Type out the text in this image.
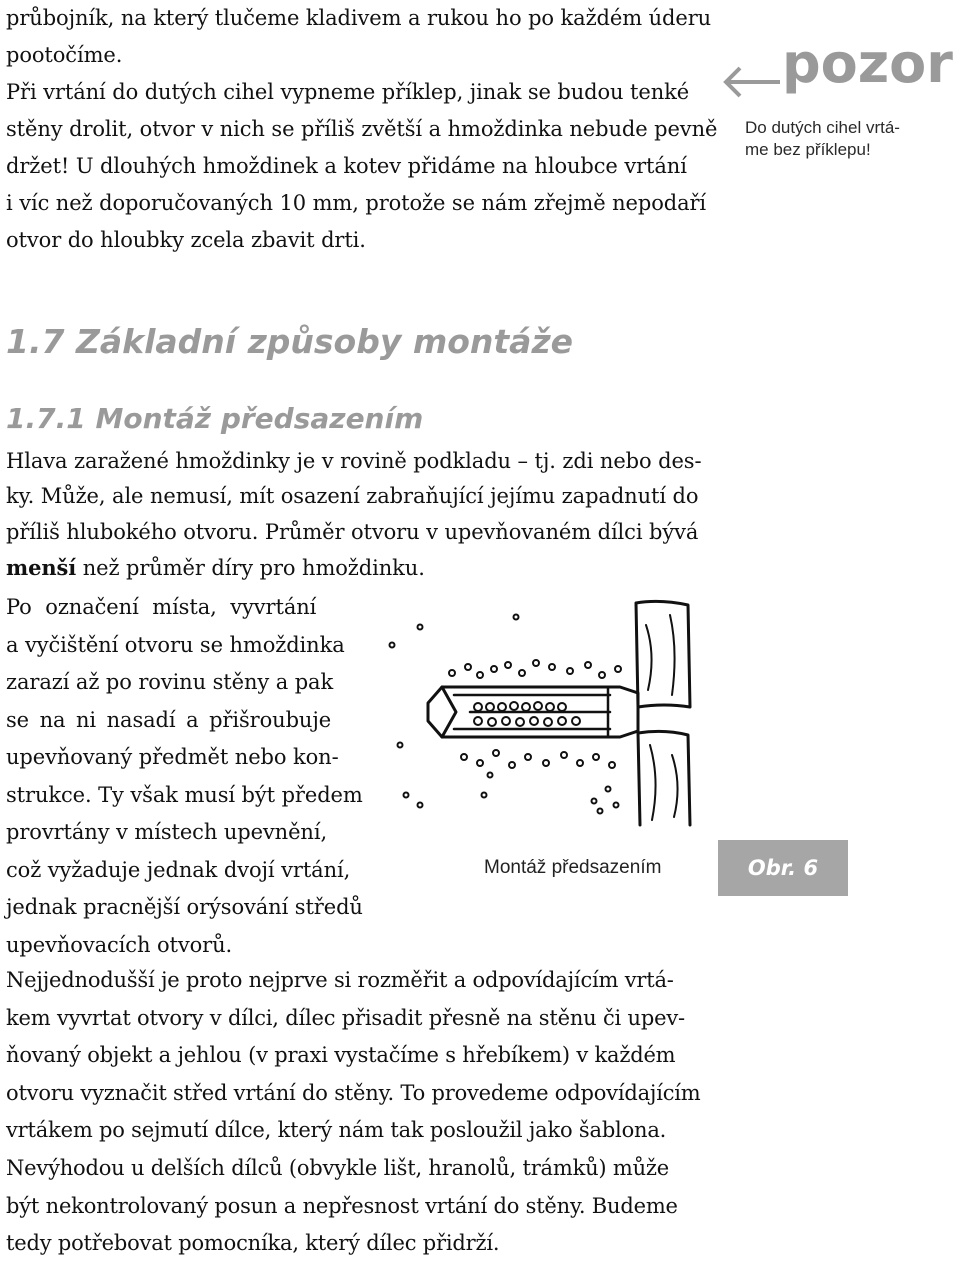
průbojník, na který tlučeme kladivem a rukou ho po každém úderu
pootočíme.
Při vrtání do dutých cihel vypneme příklep, jinak se budou tenké
stěny drolit, otvor v nich se příliš zvětší a hmoždinka nebude pevně
držet! U dlouhých hmoždinek a kotev přidáme na hloubce vrtání
i víc než doporučovaných 10 mm, protože se nám zřejmě nepodaří
otvor do hloubky zcela zbavit drti.
pozor
Do dutých cihel vrtá-
me bez příklepu!
1.7 Základní způsoby montáže
1.7.1 Montáž předsazením
Hlava zaražené hmoždinky je v rovině podkladu – tj. zdi nebo des-
ky. Může, ale nemusí, mít osazení zabraňující jejímu zapadnutí do
příliš hlubokého otvoru. Průměr otvoru v upevňovaném dílci bývá
menší než průměr díry pro hmoždinku.
Po označení místa, vyvrtání
a vyčištění otvoru se hmoždinka
zarazí až po rovinu stěny a pak
se na ni nasadí a přišroubuje
upevňovaný předmět nebo kon-
strukce. Ty však musí být předem
provrtány v místech upevnění,
což vyžaduje jednak dvojí vrtání,
jednak pracnější orýsování středů
upevňovacích otvorů.
Montáž předsazením	Obr. 6
Nejjednodušší je proto nejprve si rozměřit a odpovídajícím vrtá-
kem vyvrtat otvory v dílci, dílec přisadit přesně na stěnu či upev-
ňovaný objekt a jehlou (v praxi vystačíme s hřebíkem) v každém
otvoru vyznačit střed vrtání do stěny. To provedeme odpovídajícím
vrtákem po sejmutí dílce, který nám tak posloužil jako šablona.
Nevýhodou u delších dílců (obvykle lišt, hranolů, trámků) může
být nekontrolovaný posun a nepřesnost vrtání do stěny. Budeme
tedy potřebovat pomocníka, který dílec přidrží.
